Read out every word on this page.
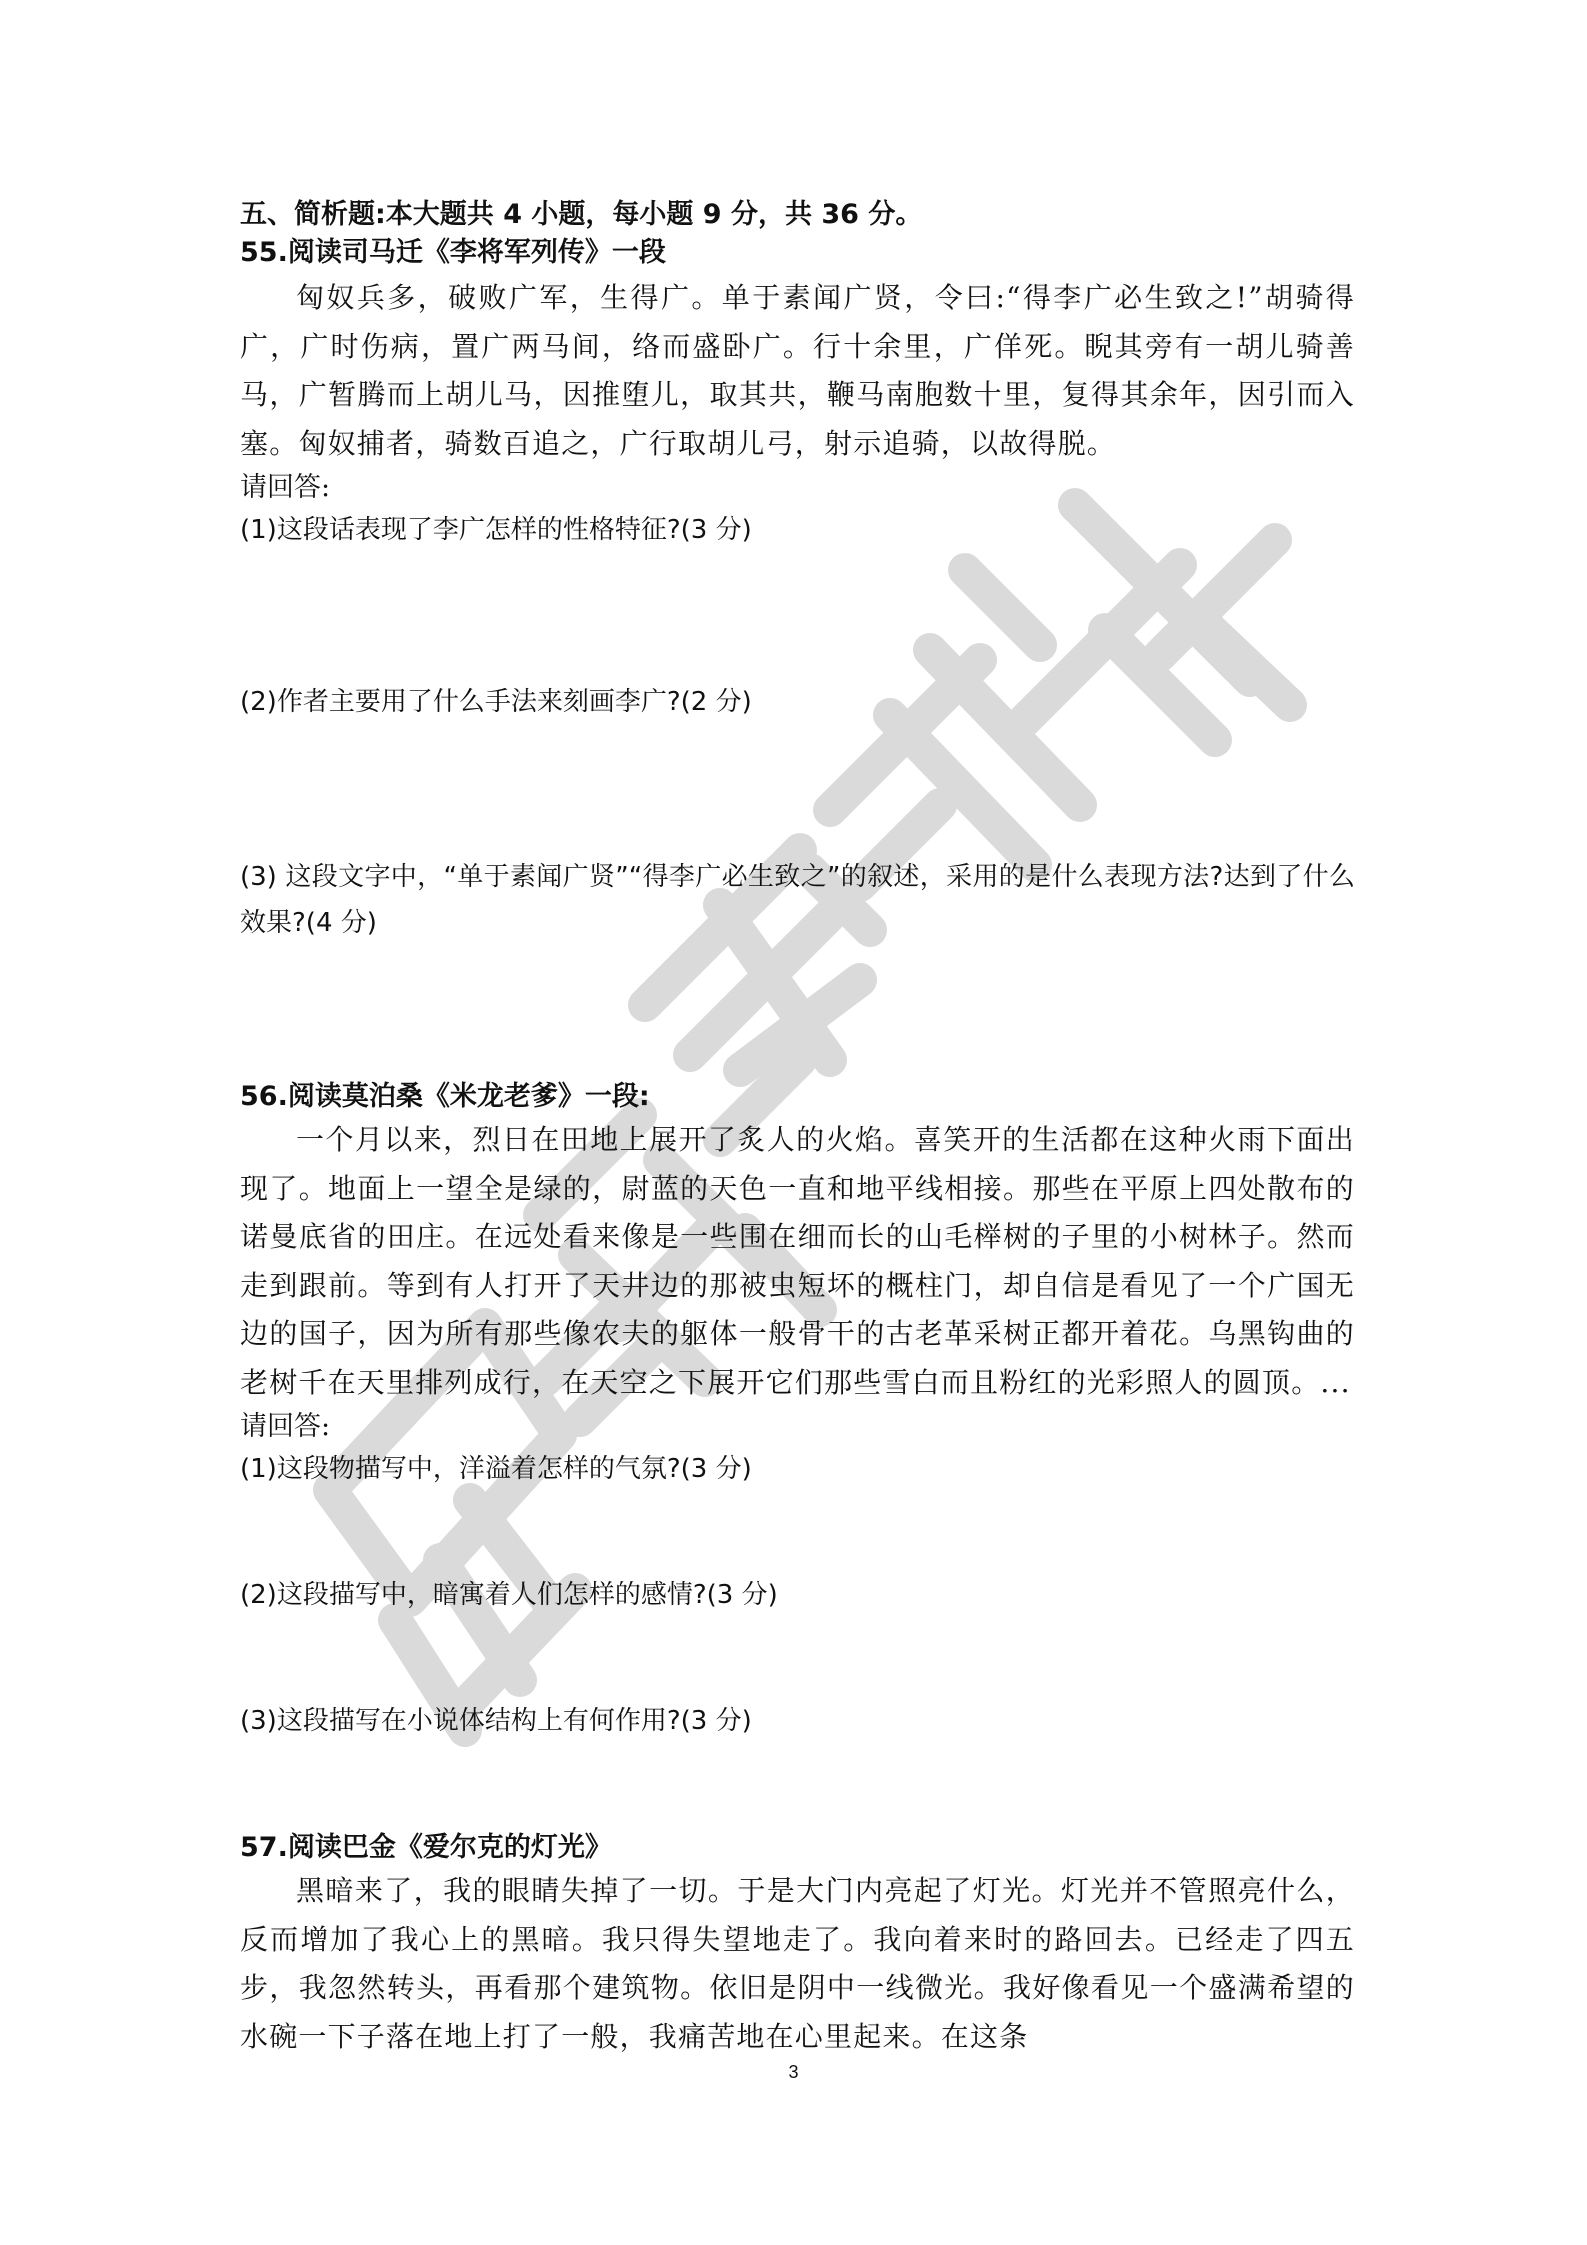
五、简析题:本大题共 4 小题，每小题 9 分，共 36 分。
55.阅读司马迁《李将军列传》一段

匈奴兵多，破败广军，生得广。单于素闻广贤，令曰:“得李广必生致之!”胡骑得广，广时伤病，置广两马间，络而盛卧广。行十余里，广佯死。睨其旁有一胡儿骑善马，广暂腾而上胡儿马，因推堕儿，取其共，鞭马南胞数十里，复得其余年，因引而入塞。匈奴捕者，骑数百追之，广行取胡儿弓，射示追骑，以故得脱。

请回答:

(1)这段话表现了李广怎样的性格特征?(3 分)

(2)作者主要用了什么手法来刻画李广?(2 分)

(3) 这段文字中，“单于素闻广贤”“得李广必生致之”的叙述，采用的是什么表现方法?达到了什么效果?(4 分)

56.阅读莫泊桑《米龙老爹》一段:

一个月以来，烈日在田地上展开了炙人的火焰。喜笑开的生活都在这种火雨下面出现了。地面上一望全是绿的，尉蓝的天色一直和地平线相接。那些在平原上四处散布的诺曼底省的田庄。在远处看来像是一些围在细而长的山毛榉树的子里的小树林子。然而走到跟前。等到有人打开了天井边的那被虫短坏的概柱门，却自信是看见了一个广国无边的国子，因为所有那些像农夫的躯体一般骨干的古老革采树正都开着花。乌黑钩曲的老树千在天里排列成行，在天空之下展开它们那些雪白而且粉红的光彩照人的圆顶。...

请回答:

(1)这段物描写中，洋溢着怎样的气氛?(3 分)

(2)这段描写中，暗寓着人们怎样的感情?(3 分)

(3)这段描写在小说体结构上有何作用?(3 分)

57.阅读巴金《爱尔克的灯光》

黑暗来了，我的眼睛失掉了一切。于是大门内亮起了灯光。灯光并不管照亮什么，反而增加了我心上的黑暗。我只得失望地走了。我向着来时的路回去。已经走了四五步，我忽然转头，再看那个建筑物。依旧是阴中一线微光。我好像看见一个盛满希望的水碗一下子落在地上打了一般，我痛苦地在心里起来。在这条

3
